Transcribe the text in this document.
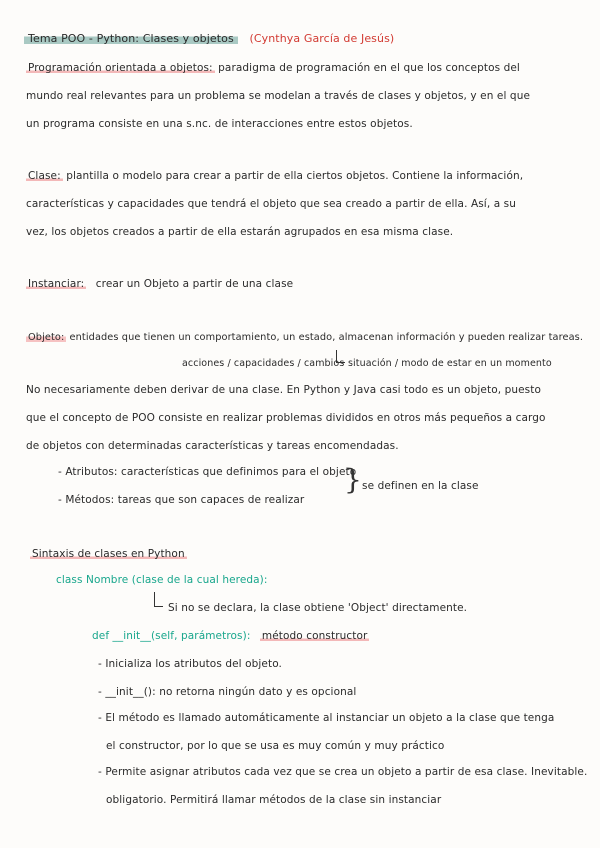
Tema POO - Python: Clases y objetos (Cynthya García de Jesús)
Programación orientada a objetos: paradigma de programación en el que los conceptos del
mundo real relevantes para un problema se modelan a través de clases y objetos, y en el que
un programa consiste en una s.nc. de interacciones entre estos objetos.
Clase: plantilla o modelo para crear a partir de ella ciertos objetos. Contiene la información,
características y capacidades que tendrá el objeto que sea creado a partir de ella. Así, a su
vez, los objetos creados a partir de ella estarán agrupados en esa misma clase.
Instanciar: crear un Objeto a partir de una clase
Objeto: entidades que tienen un comportamiento, un estado, almacenan información y pueden realizar tareas.
acciones / capacidades / cambios situación / modo de estar en un momento
No necesariamente deben derivar de una clase. En Python y Java casi todo es un objeto, puesto
que el concepto de POO consiste en realizar problemas divididos en otros más pequeños a cargo
de objetos con determinadas características y tareas encomendadas.
- Atributos: características que definimos para el objeto
- Métodos: tareas que son capaces de realizar
} se definen en la clase
Sintaxis de clases en Python
class Nombre (clase de la cual hereda):
Si no se declara, la clase obtiene 'Object' directamente.
def __init__(self, parámetros): método constructor
- Inicializa los atributos del objeto.
- __init__(): no retorna ningún dato y es opcional
- El método es llamado automáticamente al instanciar un objeto a la clase que tenga
el constructor, por lo que se usa es muy común y muy práctico
- Permite asignar atributos cada vez que se crea un objeto a partir de esa clase. Inevitable.
obligatorio. Permitirá llamar métodos de la clase sin instanciar
